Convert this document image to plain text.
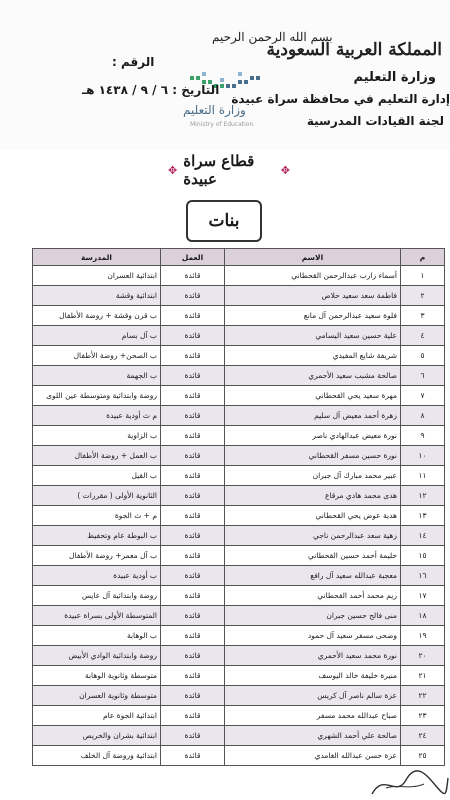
بسم الله الرحمن الرحيم
وزارة التعليم
Ministry of Education
المملكة العربية السعودية
وزارة التعليم
إدارة التعليم في محافظة سراة عبيدة
لجنة القيادات المدرسية
الرقم :
التاريخ : ٦ / ٩ / ١٤٣٨ هـ
✥ قطاع سراة عبيدة	✥
بنات
م	الاسم	العمل	المدرسة
١	أسماء زارب عبدالرحمن القحطاني	قائدة	ابتدائية العسران
٢	فاطمة سعد سعيد حلاص	قائدة	ابتدائية وقشة
٣	فلوة سعيد عبدالرحمن آل مانع	قائدة	ب قرن وقشة + روضة الأطفال
٤	علية حسين سعيد اليسامي	قائدة	ب آل بسام
٥	شريفة شايع المفيدي	قائدة	ب الصحن+ روضة الأطفال
٦	صالحة مشبب سعيد الأحمري	قائدة	ب الجهمة
٧	مهرة سعيد يحي القحطاني	قائدة	روضة وابتدائية ومتوسطة عين اللوى
٨	زهرة أحمد معيض آل سليم	قائدة	م ث أودية عبيدة
٩	نورة معيض عبدالهادي ناصر	قائدة	ب الزاوية
١٠	نورة حسين مسفر القحطاني	قائدة	ب العمل + روضة الأطفال
١١	عبير محمد مبارك آل جبران	قائدة	ب القيل
١٢	هدى محمد هادي مرقاع	قائدة	الثانوية الأولى ( مقررات )
١٣	هدية عوض يحي القحطاني	قائدة	م + ث الجوة
١٤	زهية سعد عبدالرحمن ناجي	قائدة	ب البوطة عام وتحفيظ
١٥	حليمة أحمد حسين القحطاني	قائدة	ب آل معمر+ روضة الأطفال
١٦	معجبة عبدالله سعيد آل رافع	قائدة	ب أودية عبيدة
١٧	ريم محمد أحمد القحطاني	قائدة	روضة وابتدائية آل عايس
١٨	منى فالح حسين جبران	قائدة	المتوسطة الأولى بسراة عبيدة
١٩	وضحى مسفر سعيد آل حمود	قائدة	ب الوهابة
٢٠	نورة محمد سعيد الأحمري	قائدة	روضة وابتدائية الوادي الأبيض
٢١	منيرة خليفة خالد اليوسف	قائدة	متوسطة وثانوية الوهابة
٢٢	عزة سالم ناصر آل كريس	قائدة	متوسطة وثانوية العسران
٢٣	صباح عبدالله محمد مسفر	قائدة	ابتدائية الجوة عام
٢٤	صالحة علي أحمد الشهري	قائدة	ابتدائية بشران والخريص
٢٥	عزة حسن عبدالله الغامدي	قائدة	ابتدائية وروضة آل الخلف
